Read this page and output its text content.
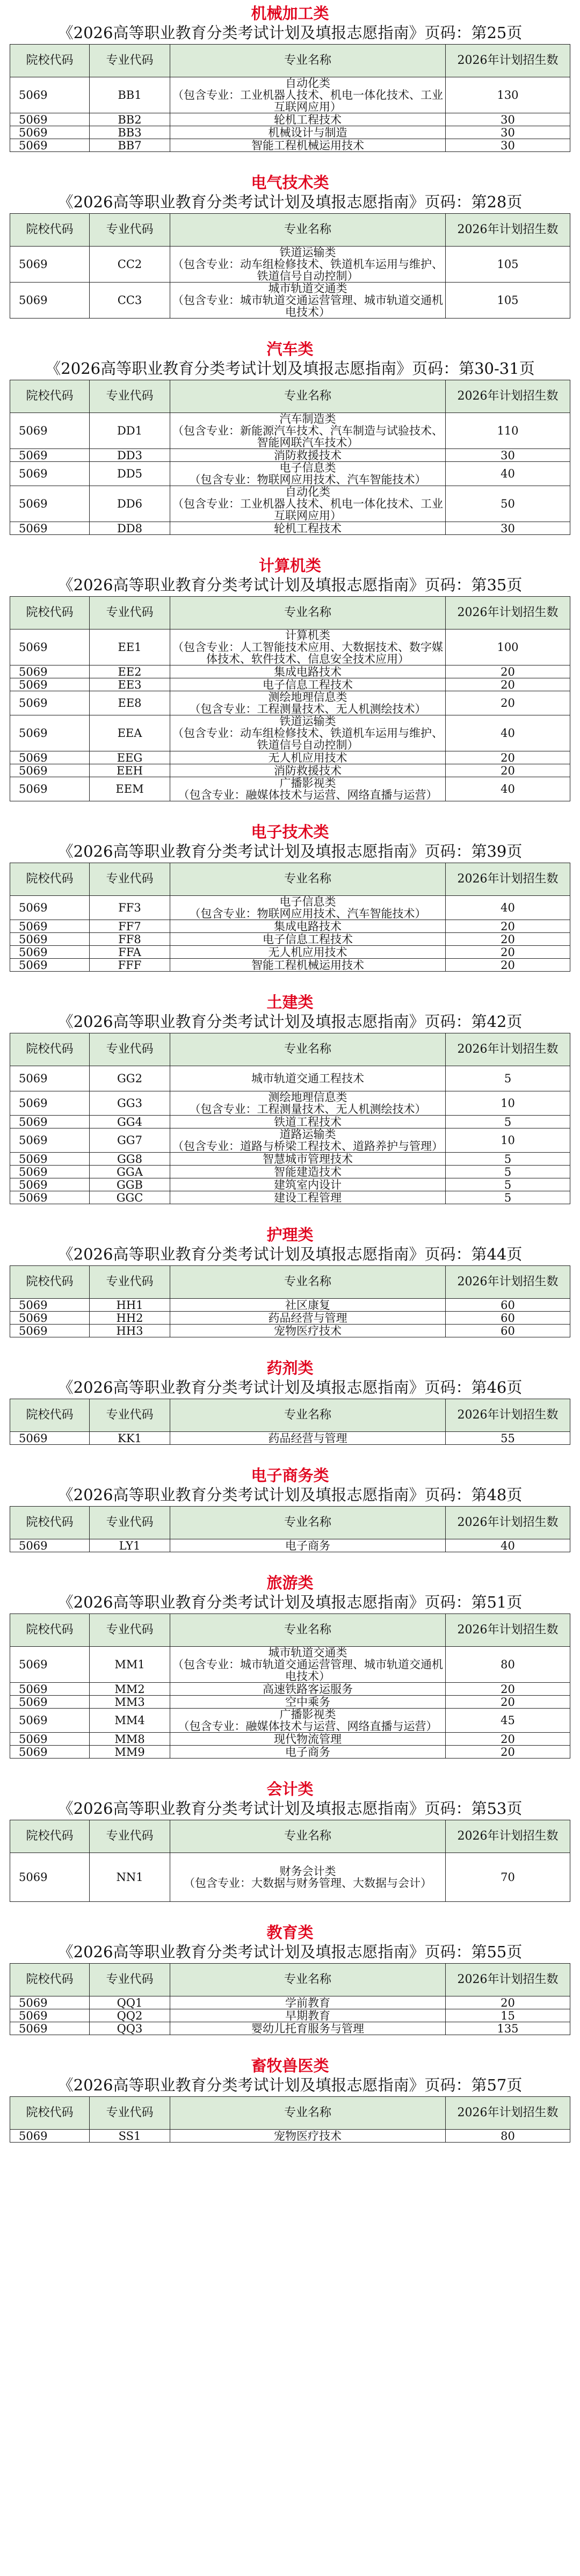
机械加工类
《2026高等职业教育分类考试计划及填报志愿指南》页码：第25页
院校代码	专业代码	专业名称	2026年计划招生数
5069	BB1	自动化类
（包含专业：工业机器人技术、机电一体化技术、工业互联网应用）	130
5069	BB2	轮机工程技术	30
5069	BB3	机械设计与制造	30
5069	BB7	智能工程机械运用技术	30
电气技术类
《2026高等职业教育分类考试计划及填报志愿指南》页码：第28页
院校代码	专业代码	专业名称	2026年计划招生数
5069	CC2	铁道运输类
（包含专业：动车组检修技术、铁道机车运用与维护、铁道信号自动控制）	105
5069	CC3	城市轨道交通类
（包含专业：城市轨道交通运营管理、城市轨道交通机电技术）	105
汽车类
《2026高等职业教育分类考试计划及填报志愿指南》页码：第30-31页
院校代码	专业代码	专业名称	2026年计划招生数
5069	DD1	汽车制造类
（包含专业：新能源汽车技术、汽车制造与试验技术、智能网联汽车技术）	110
5069	DD3	消防救援技术	30
5069	DD5	电子信息类
（包含专业：物联网应用技术、汽车智能技术）	40
5069	DD6	自动化类
（包含专业：工业机器人技术、机电一体化技术、工业互联网应用）	50
5069	DD8	轮机工程技术	30
计算机类
《2026高等职业教育分类考试计划及填报志愿指南》页码：第35页
院校代码	专业代码	专业名称	2026年计划招生数
5069	EE1	计算机类
（包含专业：人工智能技术应用、大数据技术、数字媒体技术、软件技术、信息安全技术应用）	100
5069	EE2	集成电路技术	20
5069	EE3	电子信息工程技术	20
5069	EE8	测绘地理信息类
（包含专业：工程测量技术、无人机测绘技术）	20
5069	EEA	铁道运输类
（包含专业：动车组检修技术、铁道机车运用与维护、铁道信号自动控制）	40
5069	EEG	无人机应用技术	20
5069	EEH	消防救援技术	20
5069	EEM	广播影视类
（包含专业：融媒体技术与运营、网络直播与运营）	40
电子技术类
《2026高等职业教育分类考试计划及填报志愿指南》页码：第39页
院校代码	专业代码	专业名称	2026年计划招生数
5069	FF3	电子信息类
（包含专业：物联网应用技术、汽车智能技术）	40
5069	FF7	集成电路技术	20
5069	FF8	电子信息工程技术	20
5069	FFA	无人机应用技术	20
5069	FFF	智能工程机械运用技术	20
土建类
《2026高等职业教育分类考试计划及填报志愿指南》页码：第42页
院校代码	专业代码	专业名称	2026年计划招生数
5069	GG2	城市轨道交通工程技术	5
5069	GG3	测绘地理信息类
（包含专业：工程测量技术、无人机测绘技术）	10
5069	GG4	铁道工程技术	5
5069	GG7	道路运输类
（包含专业：道路与桥梁工程技术、道路养护与管理）	10
5069	GG8	智慧城市管理技术	5
5069	GGA	智能建造技术	5
5069	GGB	建筑室内设计	5
5069	GGC	建设工程管理	5
护理类
《2026高等职业教育分类考试计划及填报志愿指南》页码：第44页
院校代码	专业代码	专业名称	2026年计划招生数
5069	HH1	社区康复	60
5069	HH2	药品经营与管理	60
5069	HH3	宠物医疗技术	60
药剂类
《2026高等职业教育分类考试计划及填报志愿指南》页码：第46页
院校代码	专业代码	专业名称	2026年计划招生数
5069	KK1	药品经营与管理	55
电子商务类
《2026高等职业教育分类考试计划及填报志愿指南》页码：第48页
院校代码	专业代码	专业名称	2026年计划招生数
5069	LY1	电子商务	40
旅游类
《2026高等职业教育分类考试计划及填报志愿指南》页码：第51页
院校代码	专业代码	专业名称	2026年计划招生数
5069	MM1	城市轨道交通类
（包含专业：城市轨道交通运营管理、城市轨道交通机电技术）	80
5069	MM2	高速铁路客运服务	20
5069	MM3	空中乘务	20
5069	MM4	广播影视类
（包含专业：融媒体技术与运营、网络直播与运营）	45
5069	MM8	现代物流管理	20
5069	MM9	电子商务	20
会计类
《2026高等职业教育分类考试计划及填报志愿指南》页码：第53页
院校代码	专业代码	专业名称	2026年计划招生数
5069	NN1	财务会计类
（包含专业：大数据与财务管理、大数据与会计）	70
教育类
《2026高等职业教育分类考试计划及填报志愿指南》页码：第55页
院校代码	专业代码	专业名称	2026年计划招生数
5069	QQ1	学前教育	20
5069	QQ2	早期教育	15
5069	QQ3	婴幼儿托育服务与管理	135
畜牧兽医类
《2026高等职业教育分类考试计划及填报志愿指南》页码：第57页
院校代码	专业代码	专业名称	2026年计划招生数
5069	SS1	宠物医疗技术	80
